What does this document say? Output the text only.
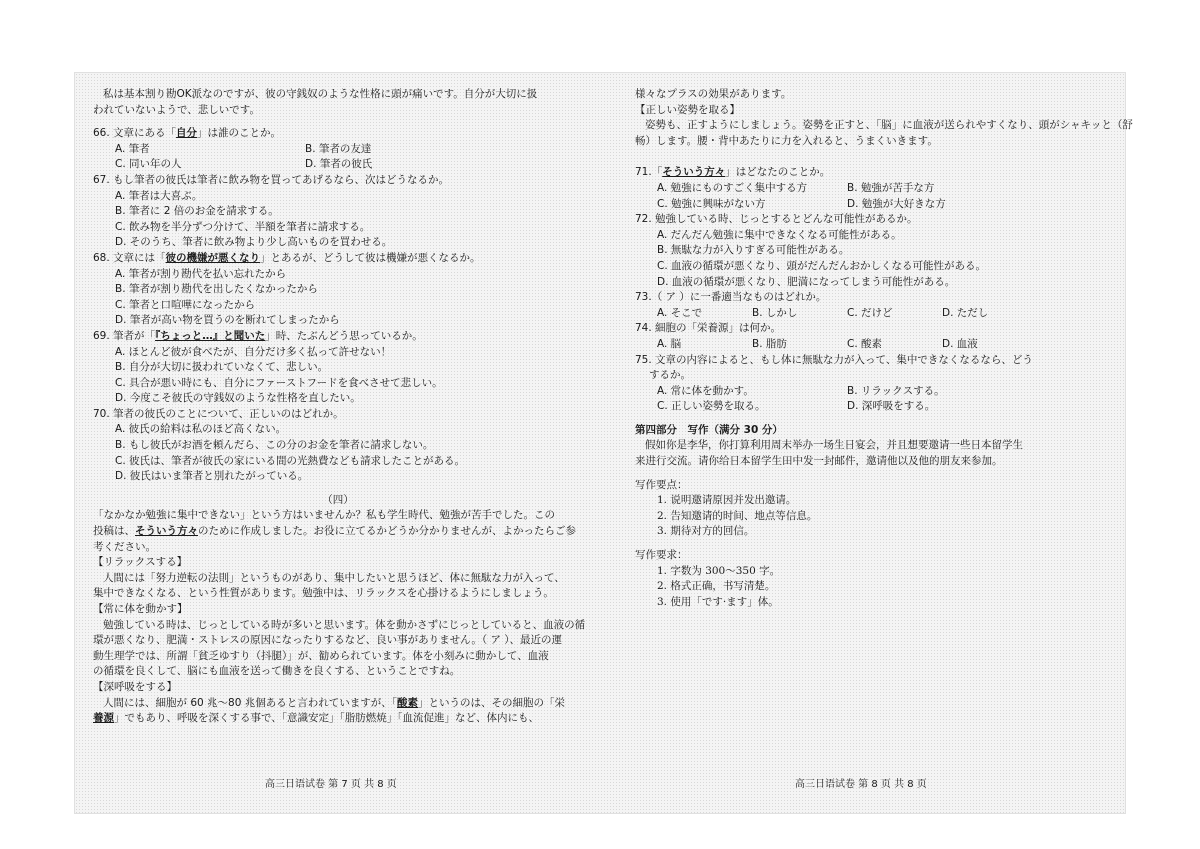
私は基本割り勘OK派なのですが、彼の守銭奴のような性格に頭が痛いです。自分が大切に扱

われていないようで、悲しいです。

66. 文章にある「自分」は誰のことか。

A. 筆者	B. 筆者の友達
C. 同い年の人	D. 筆者の彼氏

67. もし筆者の彼氏は筆者に飲み物を買ってあげるなら、次はどうなるか。

A. 筆者は大喜ぶ。

B. 筆者に 2 倍のお金を請求する。

C. 飲み物を半分ずつ分けて、半額を筆者に請求する。

D. そのうち、筆者に飲み物より少し高いものを買わせる。

68. 文章には「彼の機嫌が悪くなり」とあるが、どうして彼は機嫌が悪くなるか。

A. 筆者が割り勘代を払い忘れたから

B. 筆者が割り勘代を出したくなかったから

C. 筆者と口喧嘩になったから

D. 筆者が高い物を買うのを断れてしまったから

69. 筆者が「『ちょっと…』と聞いた」時、たぶんどう思っているか。

A. ほとんど彼が食べたが、自分だけ多く払って許せない！

B. 自分が大切に扱われていなくて、悲しい。

C. 具合が悪い時にも、自分にファーストフードを食べさせて悲しい。

D. 今度こそ彼氏の守銭奴のような性格を直したい。

70. 筆者の彼氏のことについて、正しいのはどれか。

A. 彼氏の給料は私のほど高くない。

B. もし彼氏がお酒を頼んだら、この分のお金を筆者に請求しない。

C. 彼氏は、筆者が彼氏の家にいる間の光熱費なども請求したことがある。

D. 彼氏はいま筆者と別れたがっている。

（四）

「なかなか勉強に集中できない」という方はいませんか？私も学生時代、勉強が苦手でした。この

投稿は、そういう方々のために作成しました。お役に立てるかどうか分かりませんが、よかったらご参

考ください。

【リラックスする】

人間には「努力逆転の法則」というものがあり、集中したいと思うほど、体に無駄な力が入って、

集中できなくなる、という性質があります。勉強中は、リラックスを心掛けるようにしましょう。

【常に体を動かす】

勉強している時は、じっとしている時が多いと思います。体を動かさずにじっとしていると、血液の循

環が悪くなり、肥満・ストレスの原因になったりするなど、良い事がありません。（ ア ）、最近の運

動生理学では、所謂「貧乏ゆすり（抖腿）」が、勧められています。体を小刻みに動かして、血液

の循環を良くして、脳にも血液を送って働きを良くする、ということですね。

【深呼吸をする】

人間には、細胞が 60 兆～80 兆個あると言われていますが、「酸素」というのは、その細胞の「栄

養源」でもあり、呼吸を深くする事で、「意識安定」「脂肪燃焼」「血流促進」など、体内にも、

高三日语试卷 第 7 页 共 8 页

様々なプラスの効果があります。

【正しい姿勢を取る】

姿勢も、正すようにしましょう。姿勢を正すと、「脳」に血液が送られやすくなり、頭がシャキッと（舒

畅）します。腰・背中あたりに力を入れると、うまくいきます。

71.「そういう方々」はどなたのことか。

A. 勉強にものすごく集中する方	B. 勉強が苦手な方
C. 勉強に興味がない方	D. 勉強が大好きな方

72. 勉強している時、じっとするとどんな可能性があるか。

A. だんだん勉強に集中できなくなる可能性がある。

B. 無駄な力が入りすぎる可能性がある。

C. 血液の循環が悪くなり、頭がだんだんおかしくなる可能性がある。

D. 血液の循環が悪くなり、肥満になってしまう可能性がある。

73.（ ア ）に一番適当なものはどれか。

A. そこで	B. しかし	C. だけど	D. ただし

74. 細胞の「栄養源」は何か。

A. 脳	B. 脂肪	C. 酸素	D. 血液

75. 文章の内容によると、もし体に無駄な力が入って、集中できなくなるなら、どう

するか。

A. 常に体を動かす。	B. リラックスする。
C. 正しい姿勢を取る。	D. 深呼吸をする。

第四部分　写作（满分 30 分）

假如你是李华，你打算利用周末举办一场生日宴会，并且想要邀请一些日本留学生

来进行交流。请你给日本留学生田中发一封邮件，邀请他以及他的朋友来参加。

写作要点：

1. 说明邀请原因并发出邀请。

2. 告知邀请的时间、地点等信息。

3. 期待对方的回信。

写作要求：

1. 字数为 300～350 字。

2. 格式正确，书写清楚。

3. 使用「です·ます」体。

高三日语试卷 第 8 页 共 8 页
